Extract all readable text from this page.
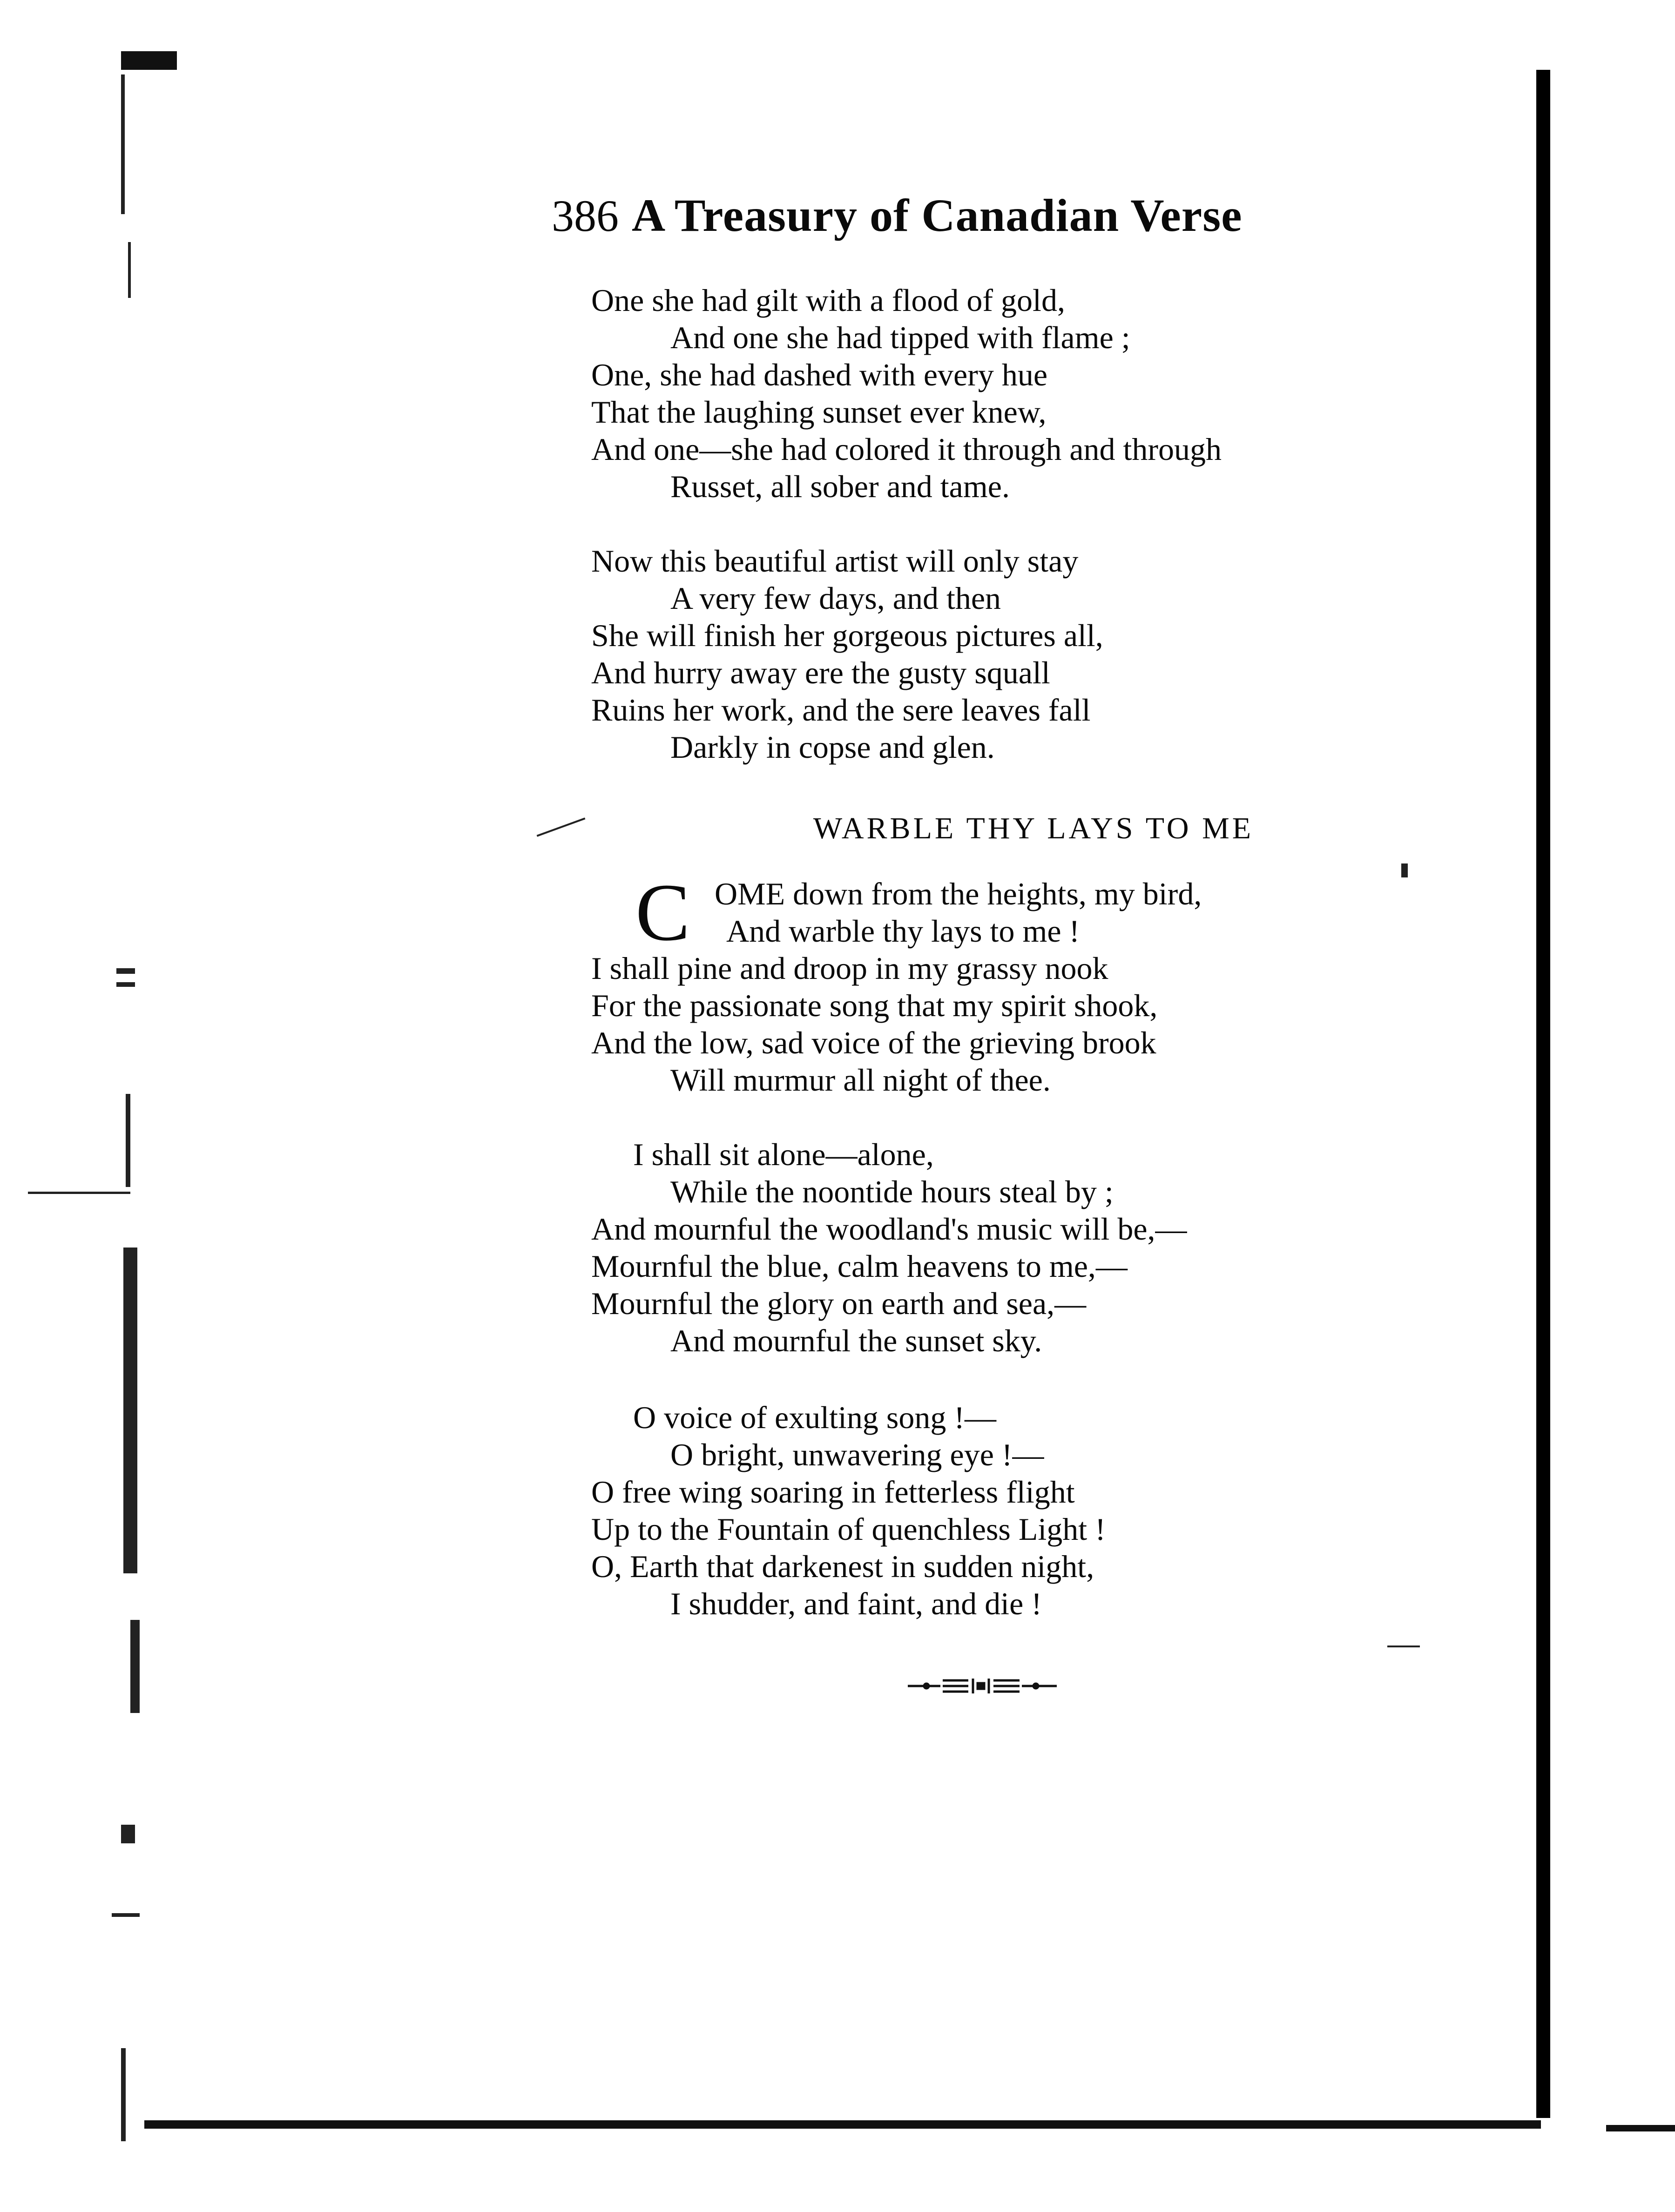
386 A Treasury of Canadian Verse
One she had gilt with a flood of gold,
And one she had tipped with flame ;
One, she had dashed with every hue
That the laughing sunset ever knew,
And one—she had colored it through and through
Russet, all sober and tame.
Now this beautiful artist will only stay
A very few days, and then
She will finish her gorgeous pictures all,
And hurry away ere the gusty squall
Ruins her work, and the sere leaves fall
Darkly in copse and glen.
WARBLE THY LAYS TO ME
C OME down from the heights, my bird,
And warble thy lays to me !
I shall pine and droop in my grassy nook
For the passionate song that my spirit shook,
And the low, sad voice of the grieving brook
Will murmur all night of thee.
I shall sit alone—alone,
While the noontide hours steal by ;
And mournful the woodland's music will be,—
Mournful the blue, calm heavens to me,—
Mournful the glory on earth and sea,—
And mournful the sunset sky.
O voice of exulting song !—
O bright, unwavering eye !—
O free wing soaring in fetterless flight
Up to the Fountain of quenchless Light !
O, Earth that darkenest in sudden night,
I shudder, and faint, and die !
